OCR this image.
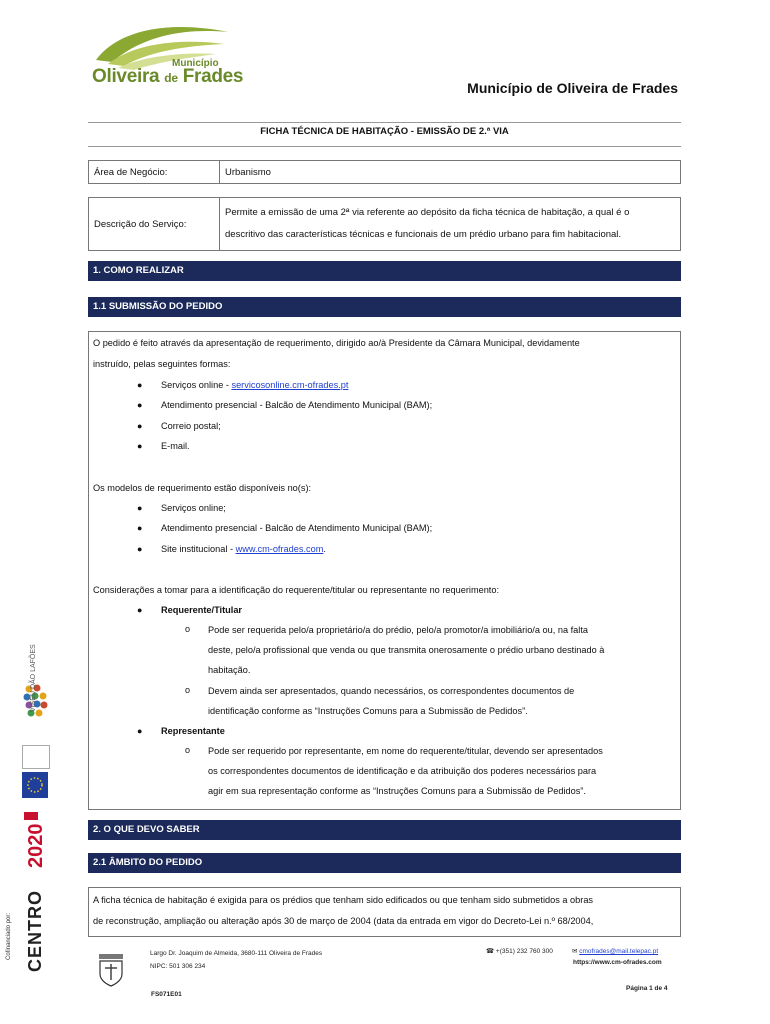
Município
Oliveira de Frades
Município de Oliveira de Frades
FICHA TÉCNICA DE HABITAÇÃO - EMISSÃO DE 2.ª VIA
Área de Negócio:	Urbanismo
Descrição do Serviço:	
Permite a emissão de uma 2ª via referente ao depósito da ficha técnica de habitação, a qual é o
descritivo das características técnicas e funcionais de um prédio urbano para fim habitacional.
1. COMO REALIZAR
1.1 SUBMISSÃO DO PEDIDO
O pedido é feito através da apresentação de requerimento, dirigido ao/à Presidente da Câmara Municipal, devidamente
instruído, pelas seguintes formas:
● Serviços online - servicosonline.cm-ofrades.pt
● Atendimento presencial - Balcão de Atendimento Municipal (BAM);
● Correio postal;
● E-mail.
Os modelos de requerimento estão disponíveis no(s):
● Serviços online;
● Atendimento presencial - Balcão de Atendimento Municipal (BAM);
● Site institucional - www.cm-ofrades.com.
Considerações a tomar para a identificação do requerente/titular ou representante no requerimento:
● Requerente/Titular
o Pode ser requerida pelo/a proprietário/a do prédio, pelo/a promotor/a imobiliário/a ou, na falta
deste, pelo/a profissional que venda ou que transmita onerosamente o prédio urbano destinado à
habitação.
o Devem ainda ser apresentados, quando necessários, os correspondentes documentos de
identificação conforme as “Instruções Comuns para a Submissão de Pedidos”.
● Representante
o Pode ser requerido por representante, em nome do requerente/titular, devendo ser apresentados
os correspondentes documentos de identificação e da atribuição dos poderes necessários para
agir em sua representação conforme as “Instruções Comuns para a Submissão de Pedidos”.
2. O QUE DEVO SABER
2.1 ÂMBITO DO PEDIDO
A ficha técnica de habitação é exigida para os prédios que tenham sido edificados ou que tenham sido submetidos a obras
de reconstrução, ampliação ou alteração após 30 de março de 2004 (data da entrada em vigor do Decreto-Lei n.º 68/2004,
VISEU DÃO LAFÕES
2020
CENTRO
Cofinanciado por:	Largo Dr. Joaquim de Almeida, 3680-111 Oliveira de Frades
NIPC: 501 306 234
☎ +(351) 232 760 300	✉ cmofrades@mail.telepac.pt
https://www.cm-ofrades.com
FS071E01
Página 1 de 4
